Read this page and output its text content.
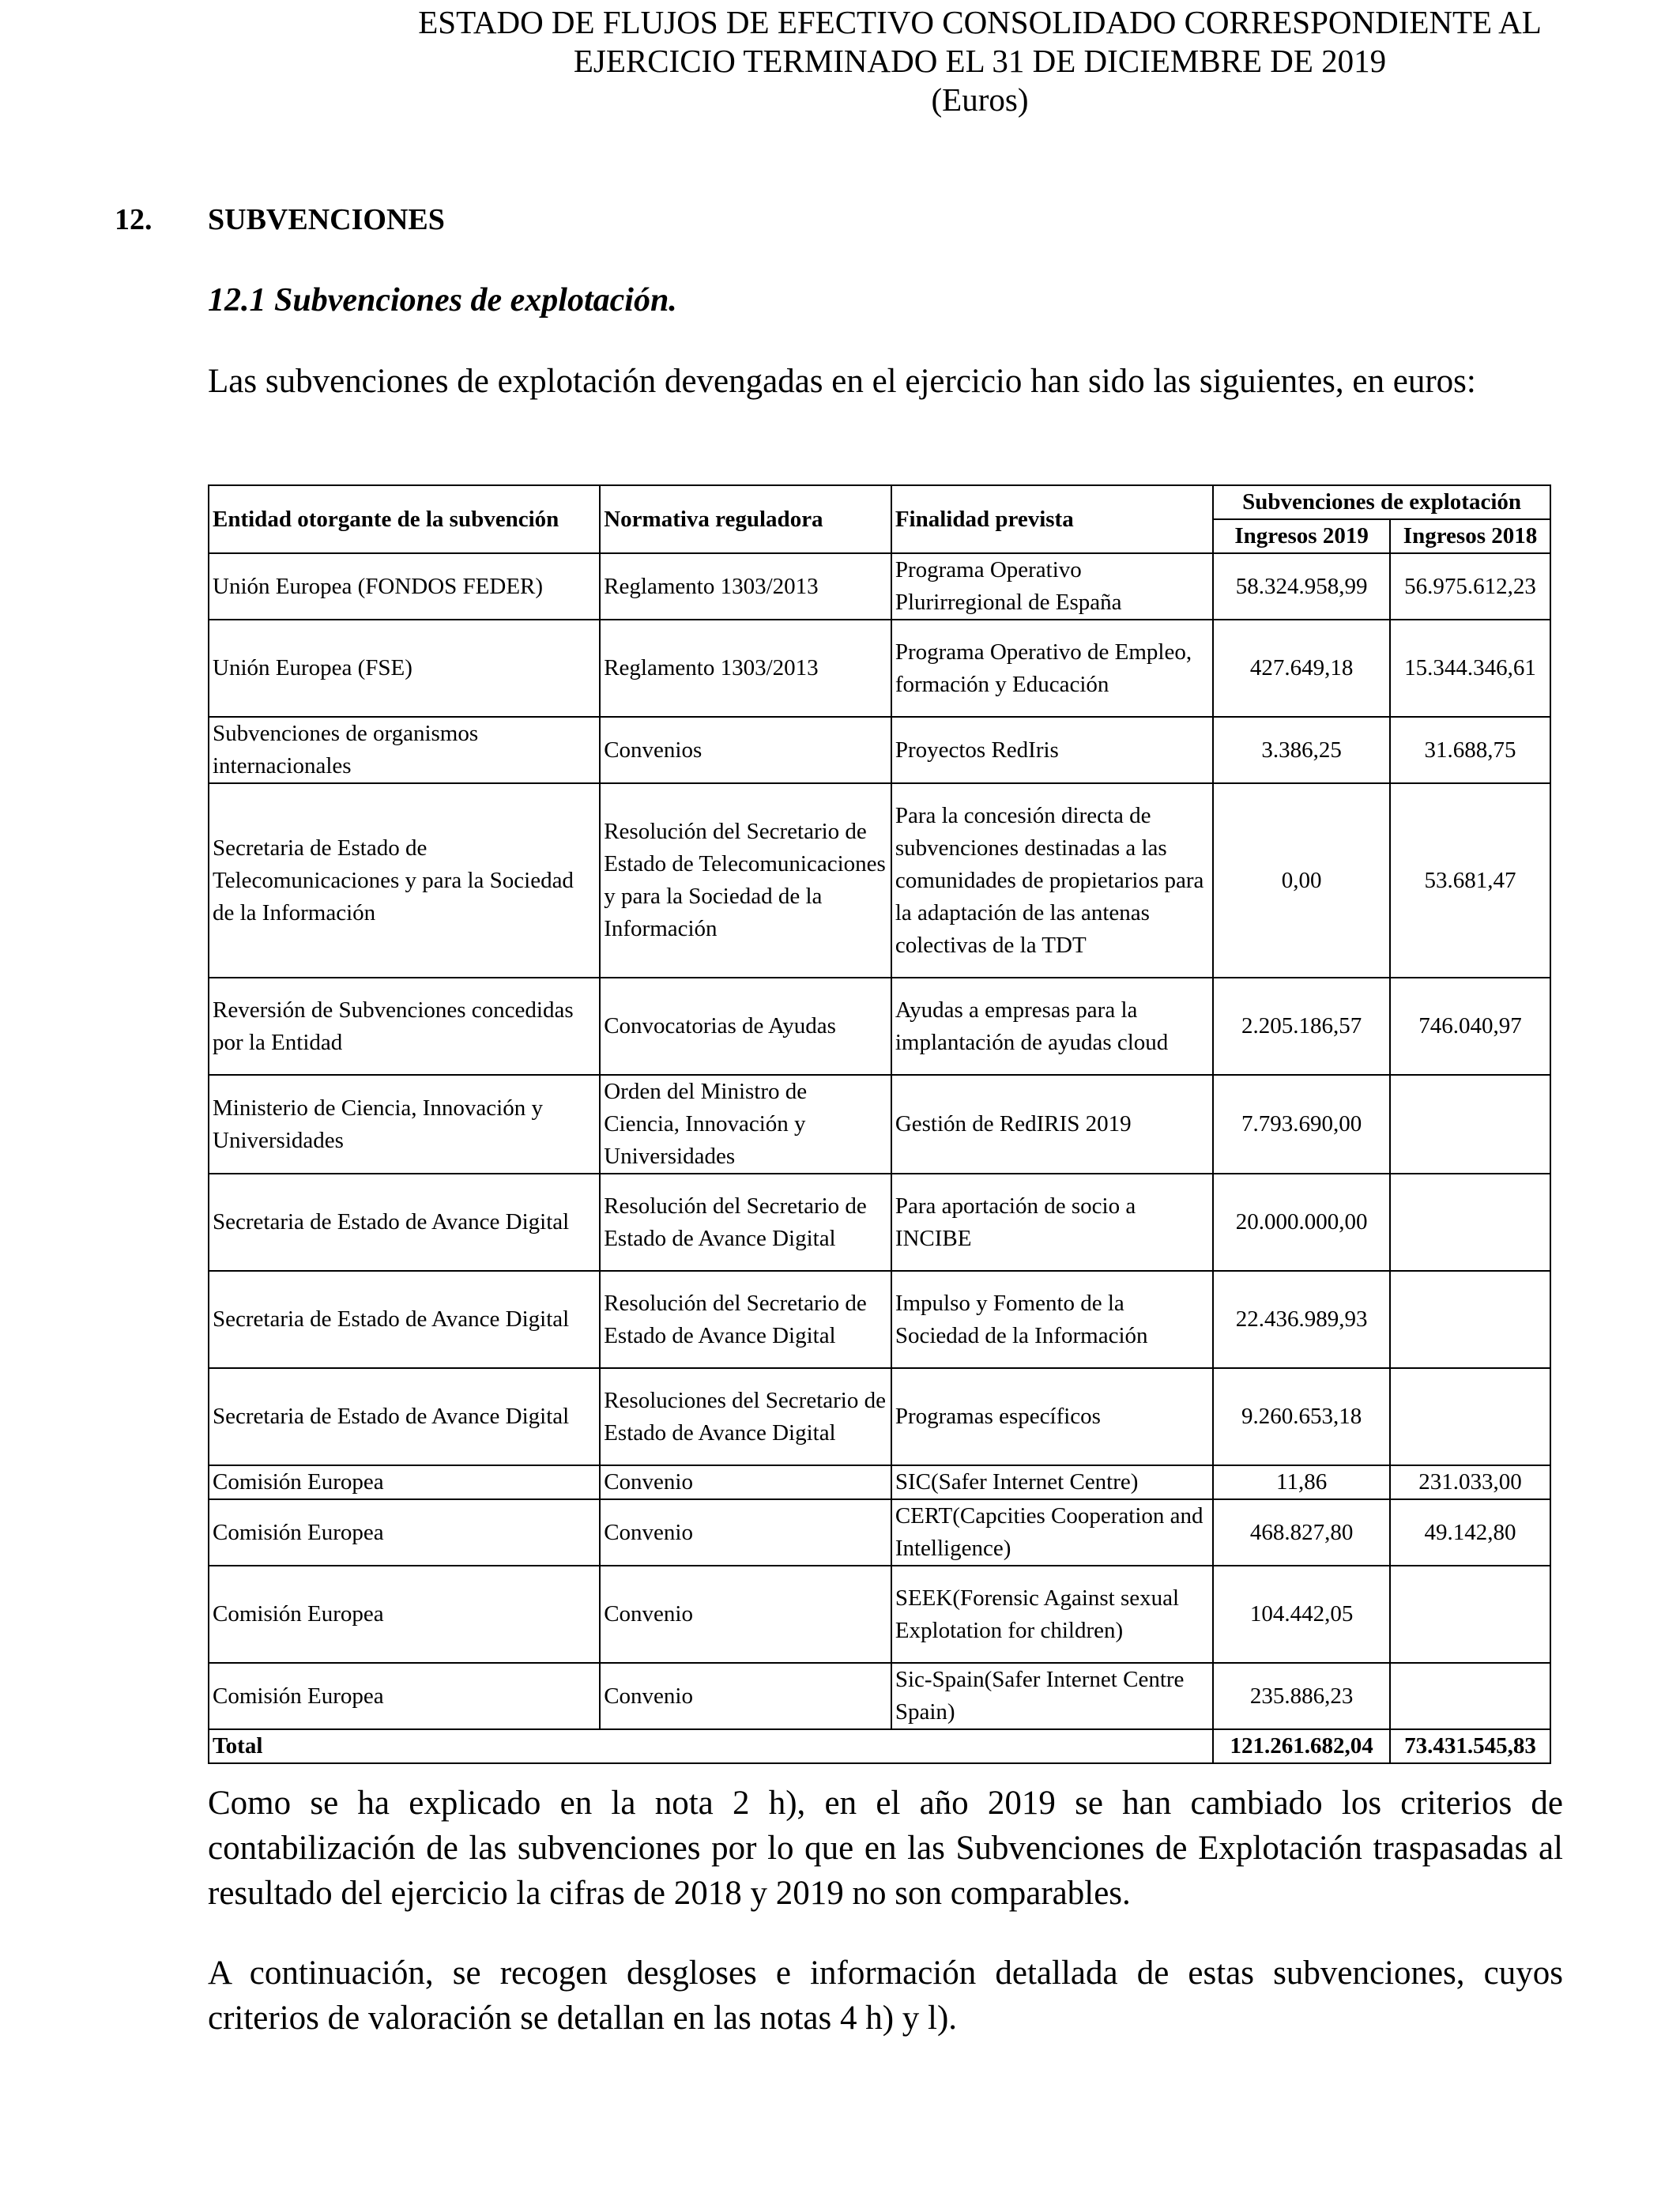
ESTADO DE FLUJOS DE EFECTIVO CONSOLIDADO CORRESPONDIENTE AL
EJERCICIO TERMINADO EL 31 DE DICIEMBRE DE 2019
(Euros)
12. SUBVENCIONES
12.1 Subvenciones de explotación.
Las subvenciones de explotación devengadas en el ejercicio han sido las siguientes, en euros:
Entidad otorgante de la subvención	Normativa reguladora	Finalidad prevista	Subvenciones de explotación	
			Ingresos 2019	Ingresos 2018
Unión Europea (FONDOS FEDER)	Reglamento 1303/2013	Programa Operativo Plurirregional de España	58.324.958,99	56.975.612,23
Unión Europea (FSE)	Reglamento 1303/2013	Programa Operativo de Empleo, formación y Educación	427.649,18	15.344.346,61
Subvenciones de organismos internacionales	Convenios	Proyectos RedIris	3.386,25	31.688,75
Secretaria de Estado de Telecomunicaciones y para la Sociedad de la Información	Resolución del Secretario de Estado de Telecomunicaciones y para la Sociedad de la Información	Para la concesión directa de subvenciones destinadas a las comunidades de propietarios para la adaptación de las antenas colectivas de la TDT	0,00	53.681,47
Reversión de Subvenciones concedidas por la Entidad	Convocatorias de Ayudas	Ayudas a empresas para la implantación de ayudas cloud	2.205.186,57	746.040,97
Ministerio de Ciencia, Innovación y Universidades	Orden del Ministro de Ciencia, Innovación y Universidades	Gestión de RedIRIS 2019	7.793.690,00	
Secretaria de Estado de Avance Digital	Resolución del Secretario de Estado de Avance Digital	Para aportación de socio a INCIBE	20.000.000,00	
Secretaria de Estado de Avance Digital	Resolución del Secretario de Estado de Avance Digital	Impulso y Fomento de la Sociedad de la Información	22.436.989,93	
Secretaria de Estado de Avance Digital	Resoluciones del Secretario de Estado de Avance Digital	Programas específicos	9.260.653,18	
Comisión Europea	Convenio	SIC(Safer Internet Centre)	11,86	231.033,00
Comisión Europea	Convenio	CERT(Capcities Cooperation and Intelligence)	468.827,80	49.142,80
Comisión Europea	Convenio	SEEK(Forensic Against sexual Explotation for children)	104.442,05	
Comisión Europea	Convenio	Sic-Spain(Safer Internet Centre Spain)	235.886,23	
Total			121.261.682,04	73.431.545,83
Como se ha explicado en la nota 2 h), en el año 2019 se han cambiado los criterios de contabilización de las subvenciones por lo que en las Subvenciones de Explotación traspasadas al resultado del ejercicio la cifras de 2018 y 2019 no son comparables.
A continuación, se recogen desgloses e información detallada de estas subvenciones, cuyos criterios de valoración se detallan en las notas 4 h) y l).
